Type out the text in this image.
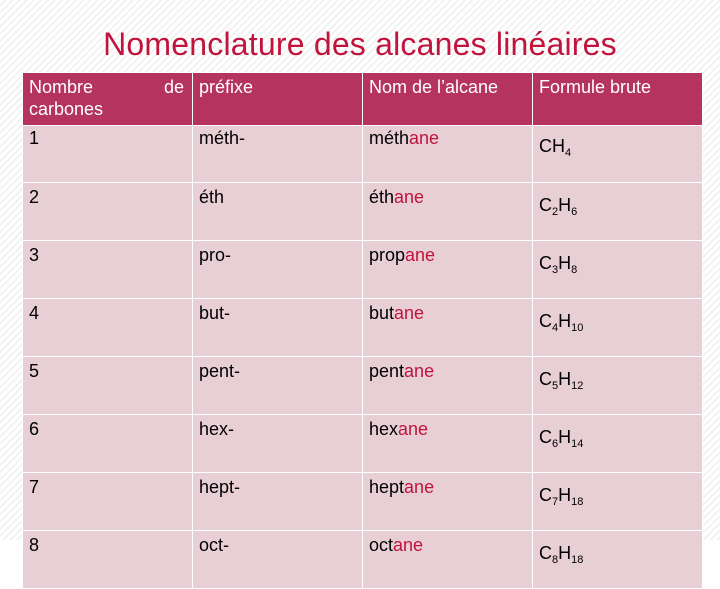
Nomenclature des alcanes linéaires
Nombre de
carbones	préfixe	Nom de l’alcane	Formule brute
1	méth-	méthane	$CH_4$
2	éth	éthane	$C_2H_6$
3	pro-	propane	$C_3H_8$
4	but-	butane	$C_4H_{10}$
5	pent-	pentane	$C_5H_{12}$
6	hex-	hexane	$C_6H_{14}$
7	hept-	heptane	$C_7H_{18}$
8	oct-	octane	$C_8H_{18}$
